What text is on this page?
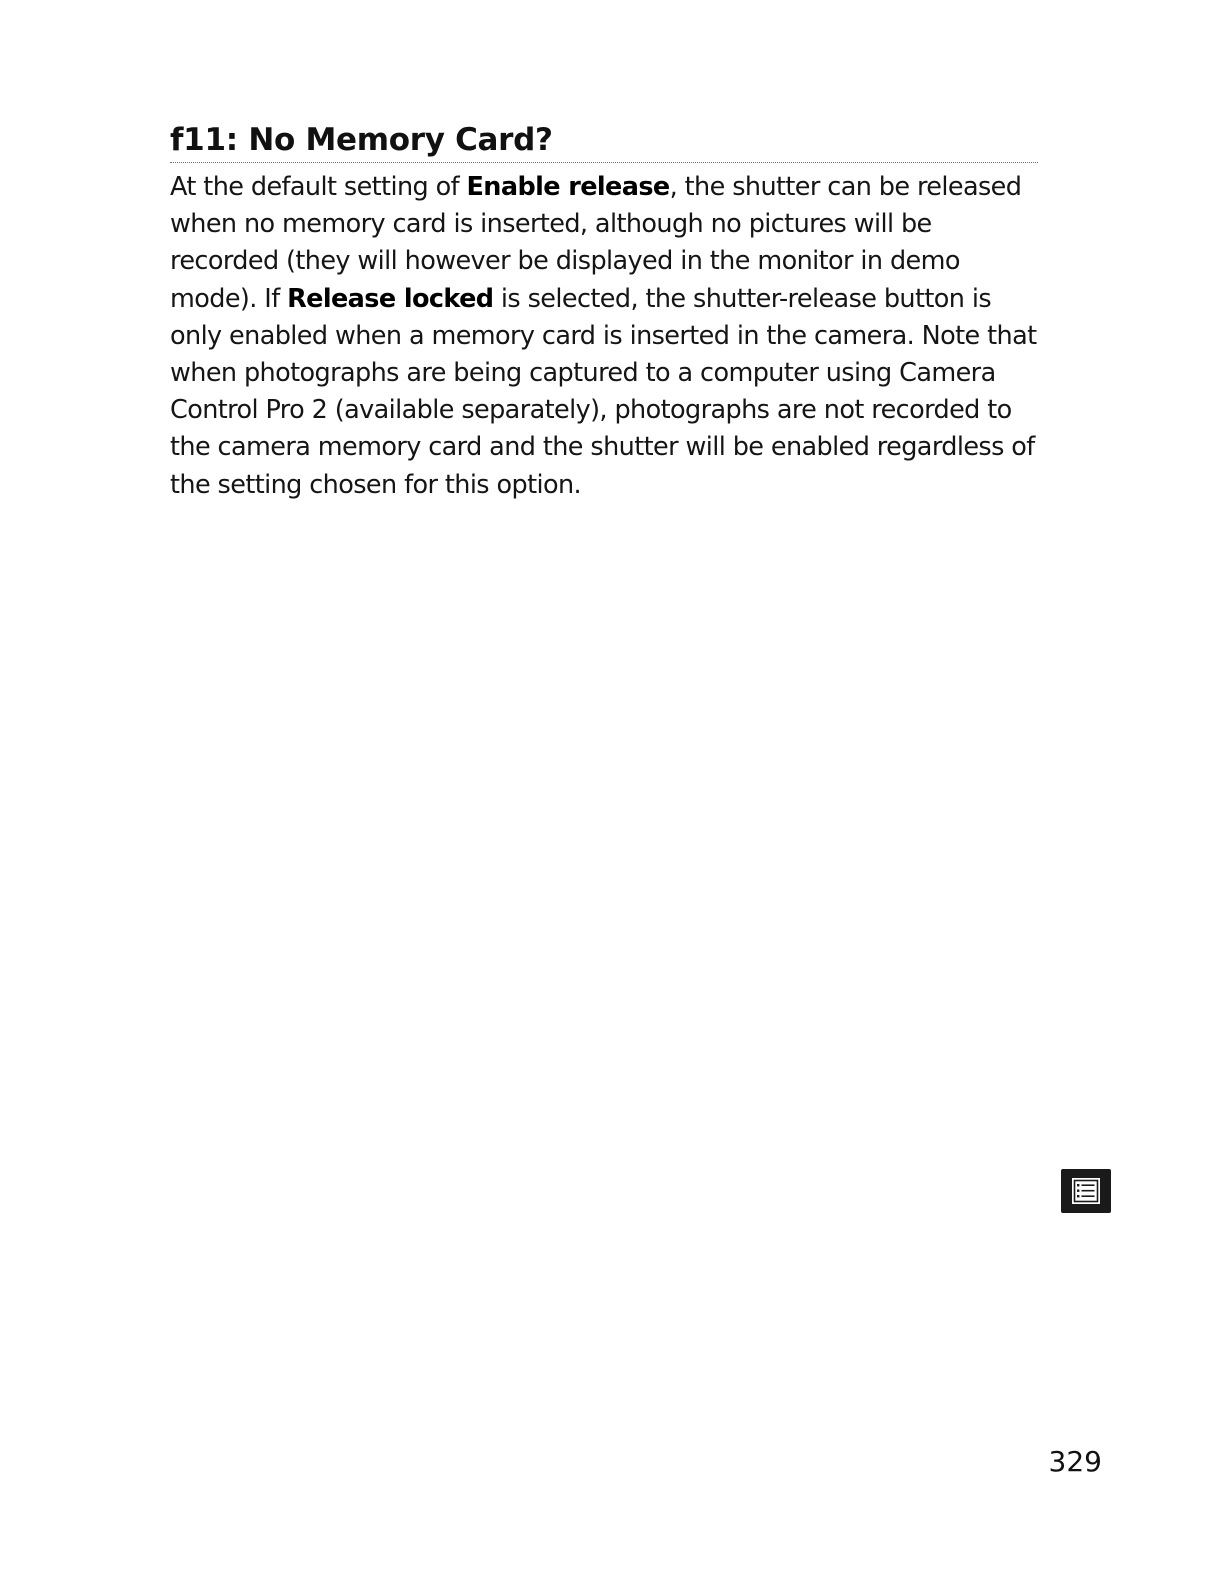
f11: No Memory Card?

At the default setting of Enable release, the shutter can be released when no memory card is inserted, although no pictures will be recorded (they will however be displayed in the monitor in demo mode). If Release locked is selected, the shutter-release button is only enabled when a memory card is inserted in the camera. Note that when photographs are being captured to a computer using Camera Control Pro 2 (available separately), photographs are not recorded to the camera memory card and the shutter will be enabled regardless of the setting chosen for this option.

329
